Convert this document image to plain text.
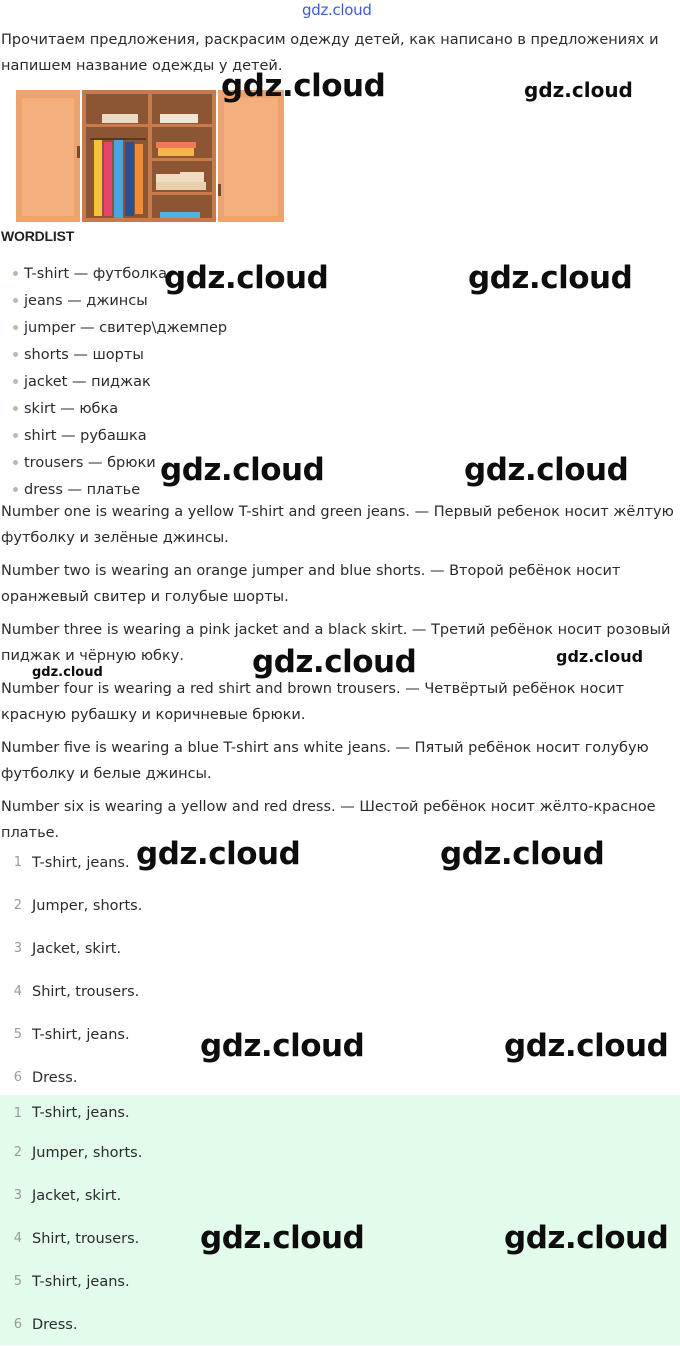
gdz.cloud
Прочитаем предложения, раскрасим одежду детей, как написано в предложениях и напишем название одежды у детей.
WORDLIST
T-shirt — футболка
jeans — джинсы
jumper — свитер\джемпер
shorts — шорты
jacket — пиджак
skirt — юбка
shirt — рубашка
trousers — брюки
dress — платье
Number one is wearing a yellow T-shirt and green jeans. — Первый ребенок носит жёлтую футболку и зелёные джинсы.
Number two is wearing an orange jumper and blue shorts. — Второй ребёнок носит оранжевый свитер и голубые шорты.
Number three is wearing a pink jacket and a black skirt. — Третий ребёнок носит розовый пиджак и чёрную юбку.
Number four is wearing a red shirt and brown trousers. — Четвёртый ребёнок носит красную рубашку и коричневые брюки.
Number five is wearing a blue T-shirt ans white jeans. — Пятый ребёнок носит голубую футболку и белые джинсы.
Number six is wearing a yellow and red dress. — Шестой ребёнок носит жёлто-красное платье.
1 T-shirt, jeans.
2 Jumper, shorts.
3 Jacket, skirt.
4 Shirt, trousers.
5 T-shirt, jeans.
6 Dress.
1 T-shirt, jeans.
2 Jumper, shorts.
3 Jacket, skirt.
4 Shirt, trousers.
5 T-shirt, jeans.
6 Dress.
gdz.cloud	gdz.cloud
gdz.cloud	gdz.cloud
gdz.cloud	gdz.cloud
gdz.cloud	gdz.cloud
gdz.cloud
gdz.cloud	gdz.cloud
gdz.cloud	gdz.cloud
gdz.cloud	gdz.cloud
